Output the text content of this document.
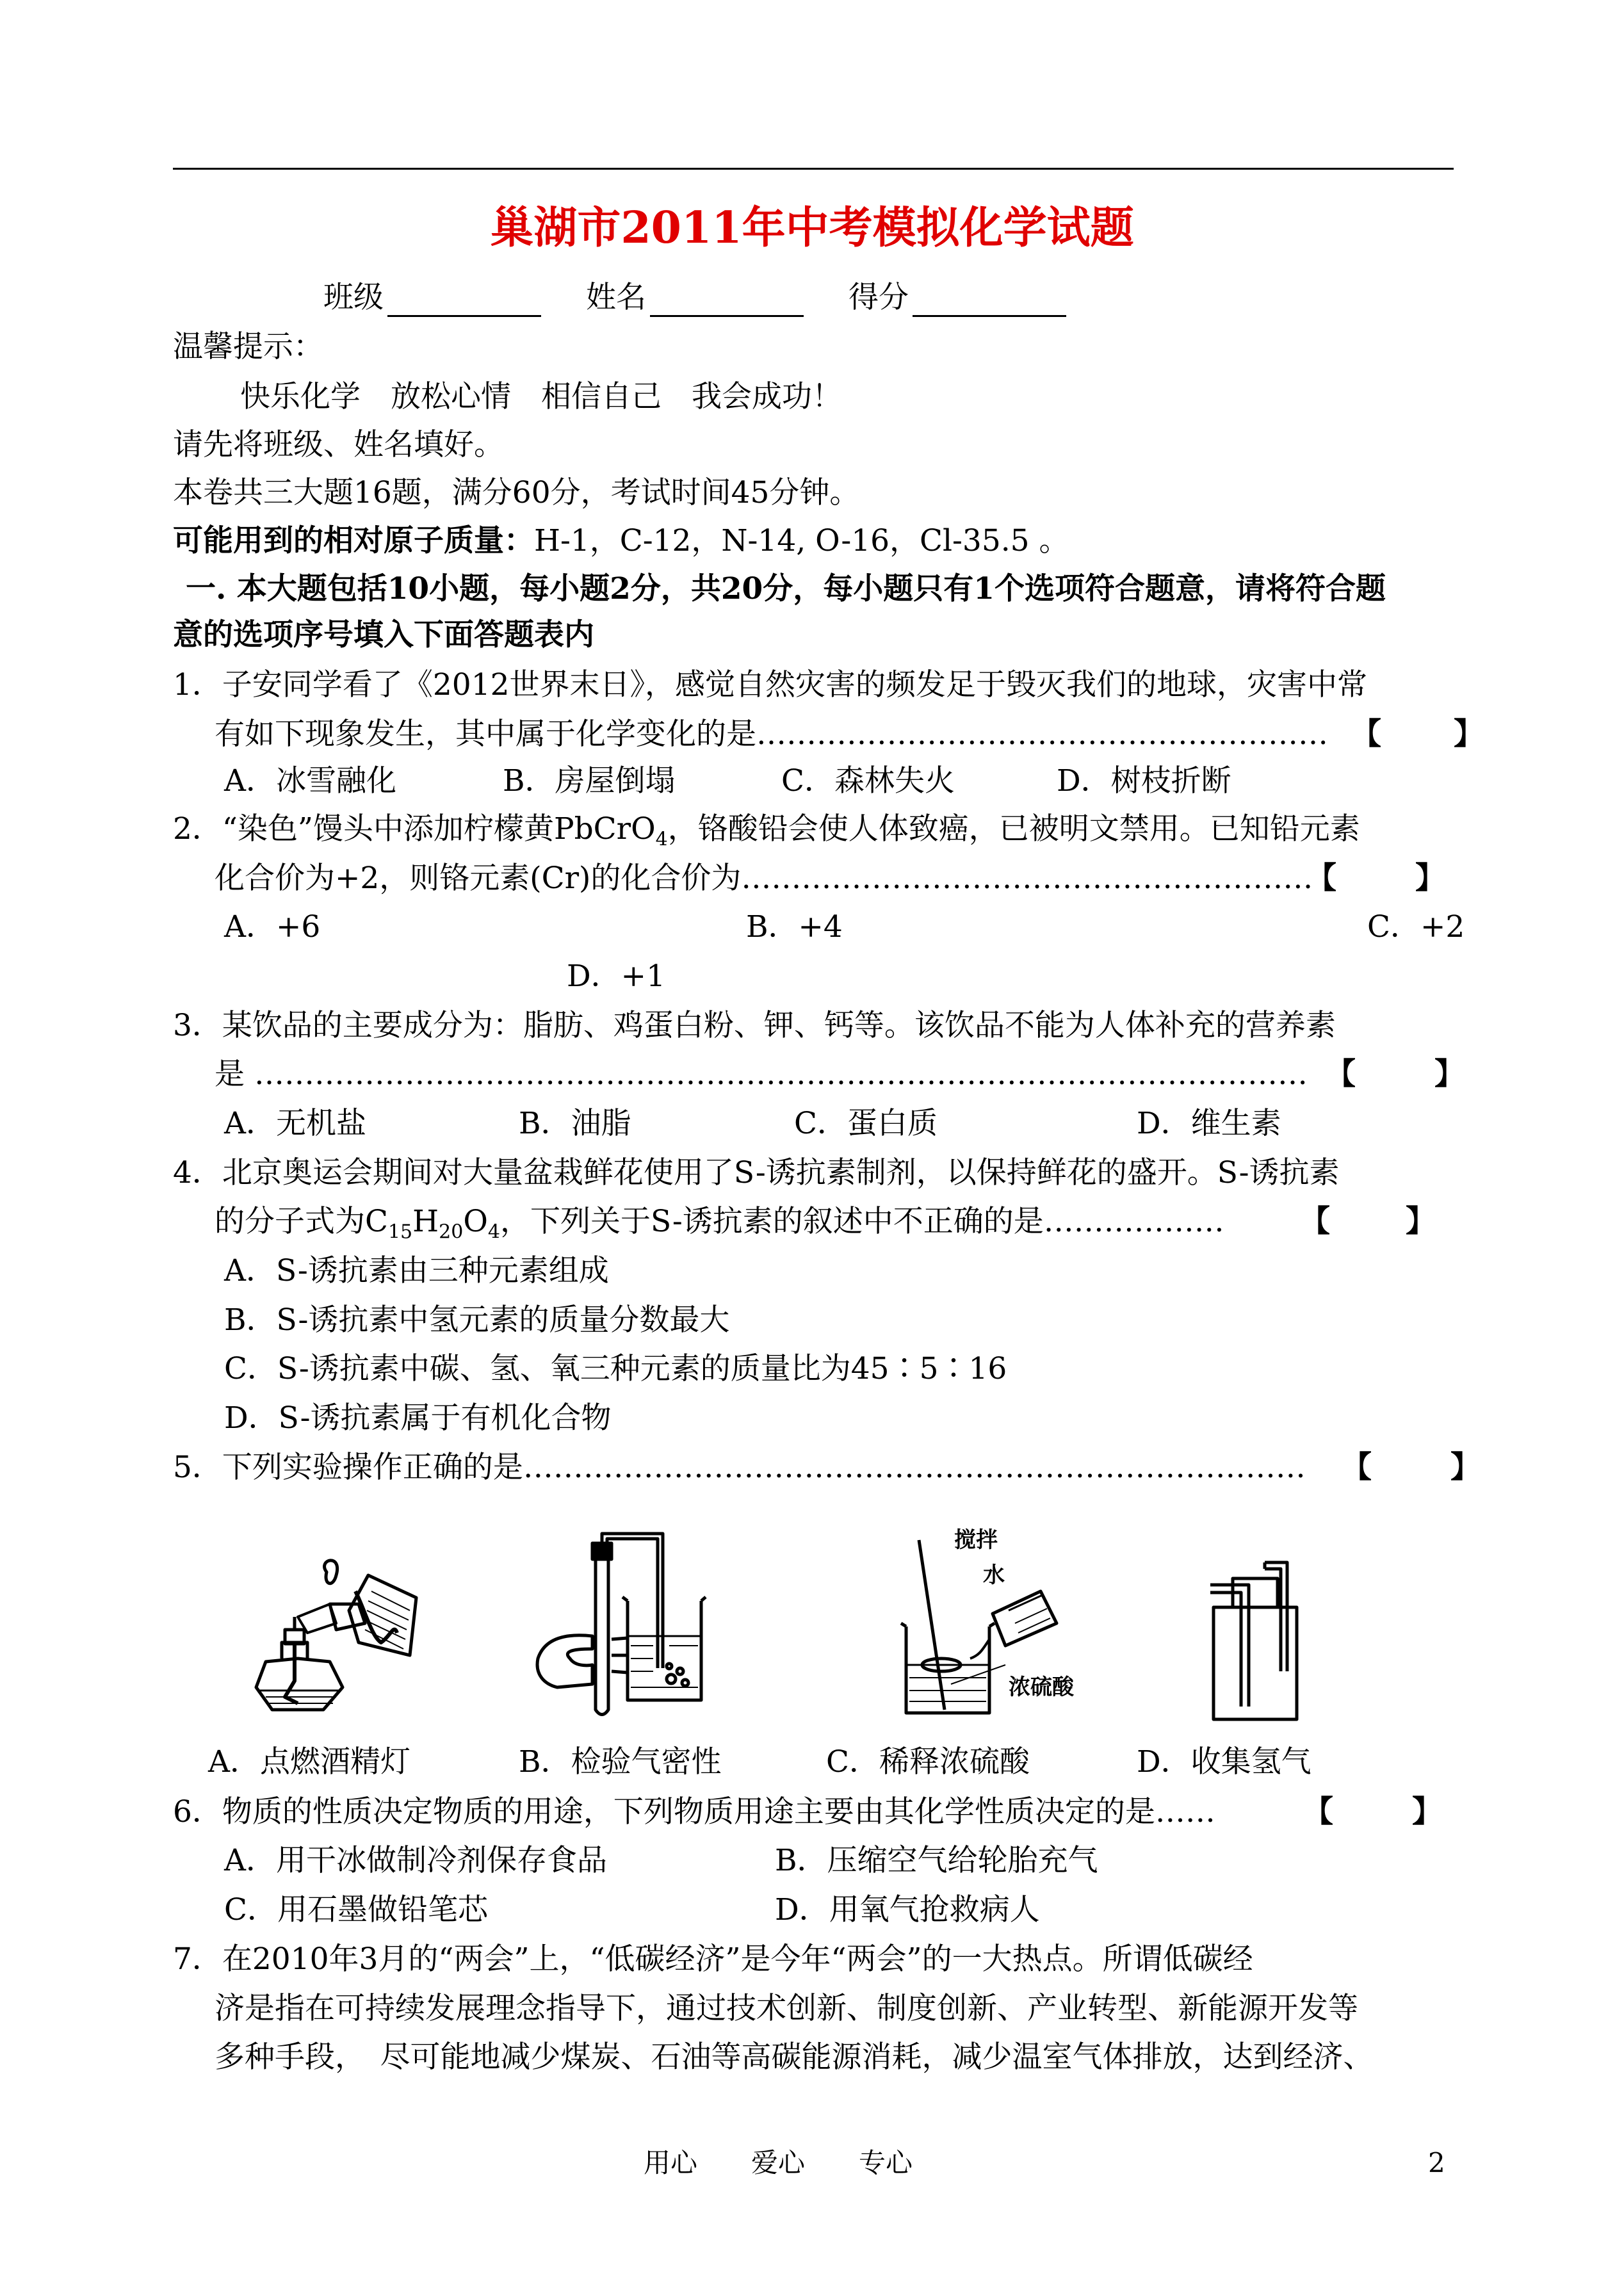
巢湖市2011年中考模拟化学试题
班级	姓名	得分
温馨提示：
快乐化学　放松心情　相信自己　我会成功！
请先将班级、姓名填好。
本卷共三大题16题，满分60分，考试时间45分钟。
可能用到的相对原子质量：H-1，C-12，N-14, O-16，Cl-35.5 。
一. 本大题包括10小题，每小题2分，共20分，每小题只有1个选项符合题意，请将符合题
意的选项序号填入下面答题表内
1．子安同学看了《2012世界末日》，感觉自然灾害的频发足于毁灭我们的地球，灾害中常
有如下现象发生，其中属于化学变化的是………………………………………………… 【 】
A．冰雪融化	B．房屋倒塌	C．森林失火	D．树枝折断
2．“染色”馒头中添加柠檬黄PbCrO$_4$，铬酸铅会使人体致癌，已被明文禁用。已知铅元素
化合价为+2，则铬元素(Cr)的化合价为…………………………………………………
【	】
A．+6	B．+4	C．+2
D．+1
3．某饮品的主要成分为：脂肪、鸡蛋白粉、钾、钙等。该饮品不能为人体补充的营养素
是 …………………………………………………………………………………………… 【	】
A．无机盐	B．油脂	C．蛋白质	D．维生素
4．北京奥运会期间对大量盆栽鲜花使用了S-诱抗素制剂，以保持鲜花的盛开。S-诱抗素
的分子式为$C_{15}H_{20}O_4$，下列关于S-诱抗素的叙述中不正确的是………………	【	】
A．S-诱抗素由三种元素组成
B．S-诱抗素中氢元素的质量分数最大
C．S-诱抗素中碳、氢、氧三种元素的质量比为45∶5∶16
D．S-诱抗素属于有机化合物
5．下列实验操作正确的是…………………………………………………………………… 【	】
搅拌
水
浓硫酸
A．点燃酒精灯	B．检验气密性	C．稀释浓硫酸	D．收集氢气
6．物质的性质决定物质的用途，下列物质用途主要由其化学性质决定的是……	【	】
A．用干冰做制冷剂保存食品	B．压缩空气给轮胎充气
C．用石墨做铅笔芯	D．用氧气抢救病人
7．在2010年3月的“两会”上，“低碳经济”是今年“两会”的一大热点。所谓低碳经
济是指在可持续发展理念指导下，通过技术创新、制度创新、产业转型、新能源开发等
多种手段，　尽可能地减少煤炭、石油等高碳能源消耗，减少温室气体排放，达到经济、
用心　　爱心　　专心	2
